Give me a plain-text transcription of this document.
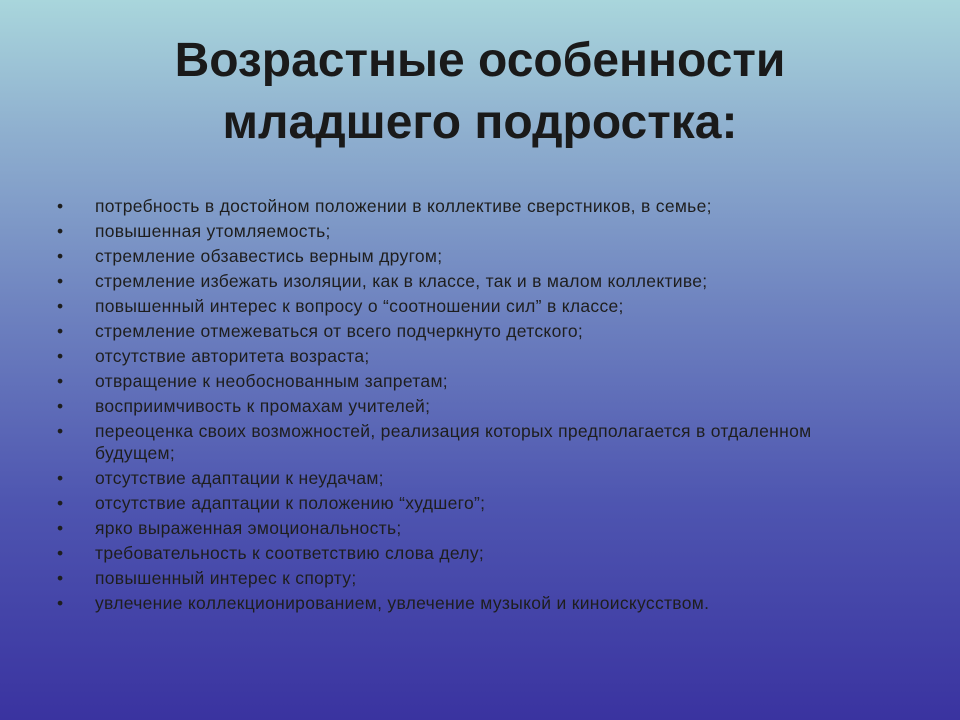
Возрастные особенности
младшего подростка:
• потребность в достойном положении в коллективе сверстников, в семье;
• повышенная утомляемость;
• стремление обзавестись верным другом;
• стремление избежать изоляции, как в классе, так и в малом коллективе;
• повышенный интерес к вопросу о “соотношении сил” в классе;
• стремление отмежеваться от всего подчеркнуто детского;
• отсутствие авторитета возраста;
• отвращение к необоснованным запретам;
• восприимчивость к промахам учителей;
• переоценка своих возможностей, реализация которых предполагается в отдаленном будущем;
• отсутствие адаптации к неудачам;
• отсутствие адаптации к положению “худшего”;
• ярко выраженная эмоциональность;
• требовательность к соответствию слова делу;
• повышенный интерес к спорту;
• увлечение коллекционированием, увлечение музыкой и киноискусством.
